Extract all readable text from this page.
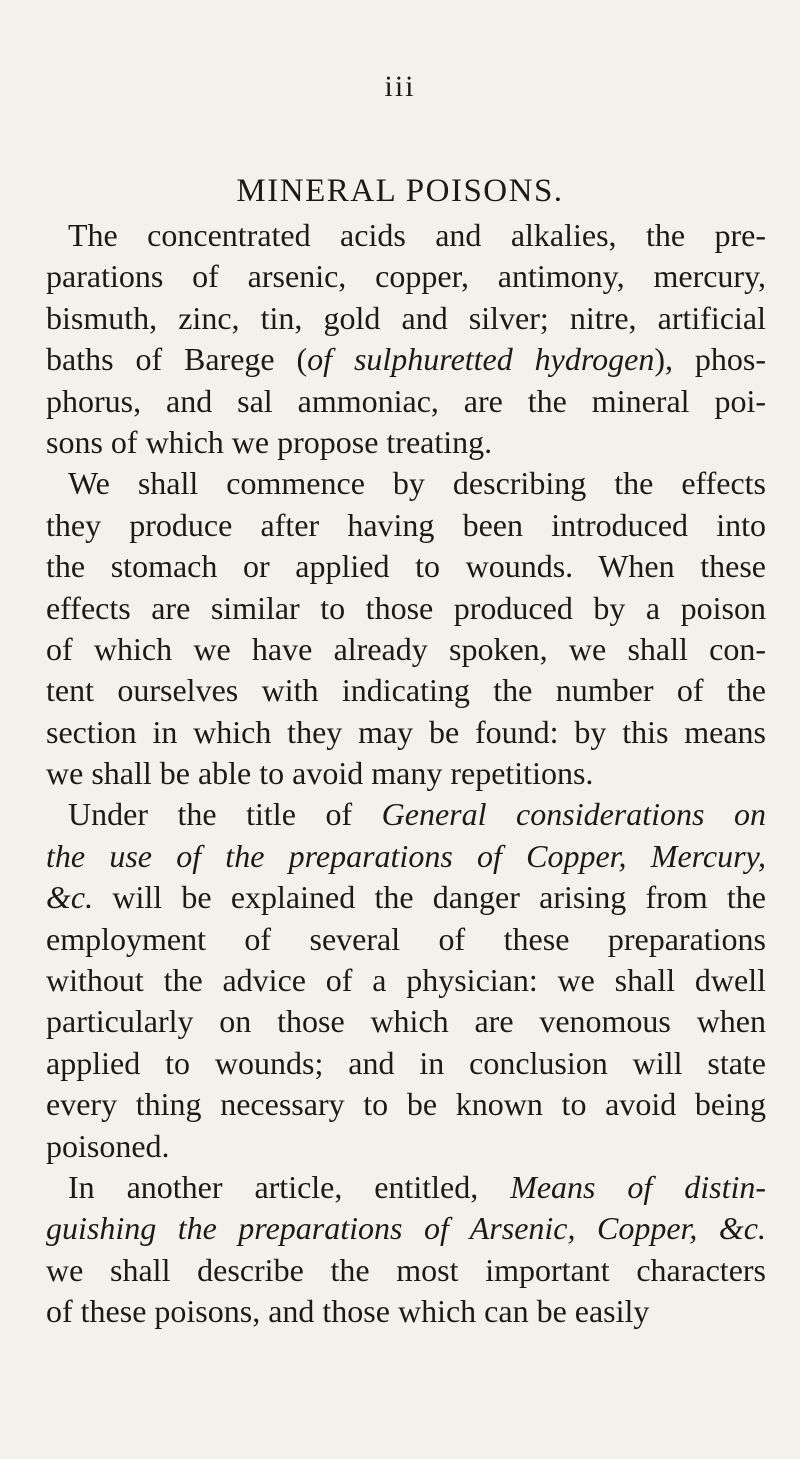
iii
MINERAL POISONS.
The concentrated acids and alkalies, the pre-
parations of arsenic, copper, antimony, mercury,
bismuth, zinc, tin, gold and silver; nitre, artificial
baths of Barege (of sulphuretted hydrogen), phos-
phorus, and sal ammoniac, are the mineral poi-
sons of which we propose treating.
We shall commence by describing the effects
they produce after having been introduced into
the stomach or applied to wounds. When these
effects are similar to those produced by a poison
of which we have already spoken, we shall con-
tent ourselves with indicating the number of the
section in which they may be found: by this means
we shall be able to avoid many repetitions.
Under the title of General considerations on
the use of the preparations of Copper, Mercury,
&c. will be explained the danger arising from the
employment of several of these preparations
without the advice of a physician: we shall dwell
particularly on those which are venomous when
applied to wounds; and in conclusion will state
every thing necessary to be known to avoid being
poisoned.
In another article, entitled, Means of distin-
guishing the preparations of Arsenic, Copper, &c.
we shall describe the most important characters
of these poisons, and those which can be easily
